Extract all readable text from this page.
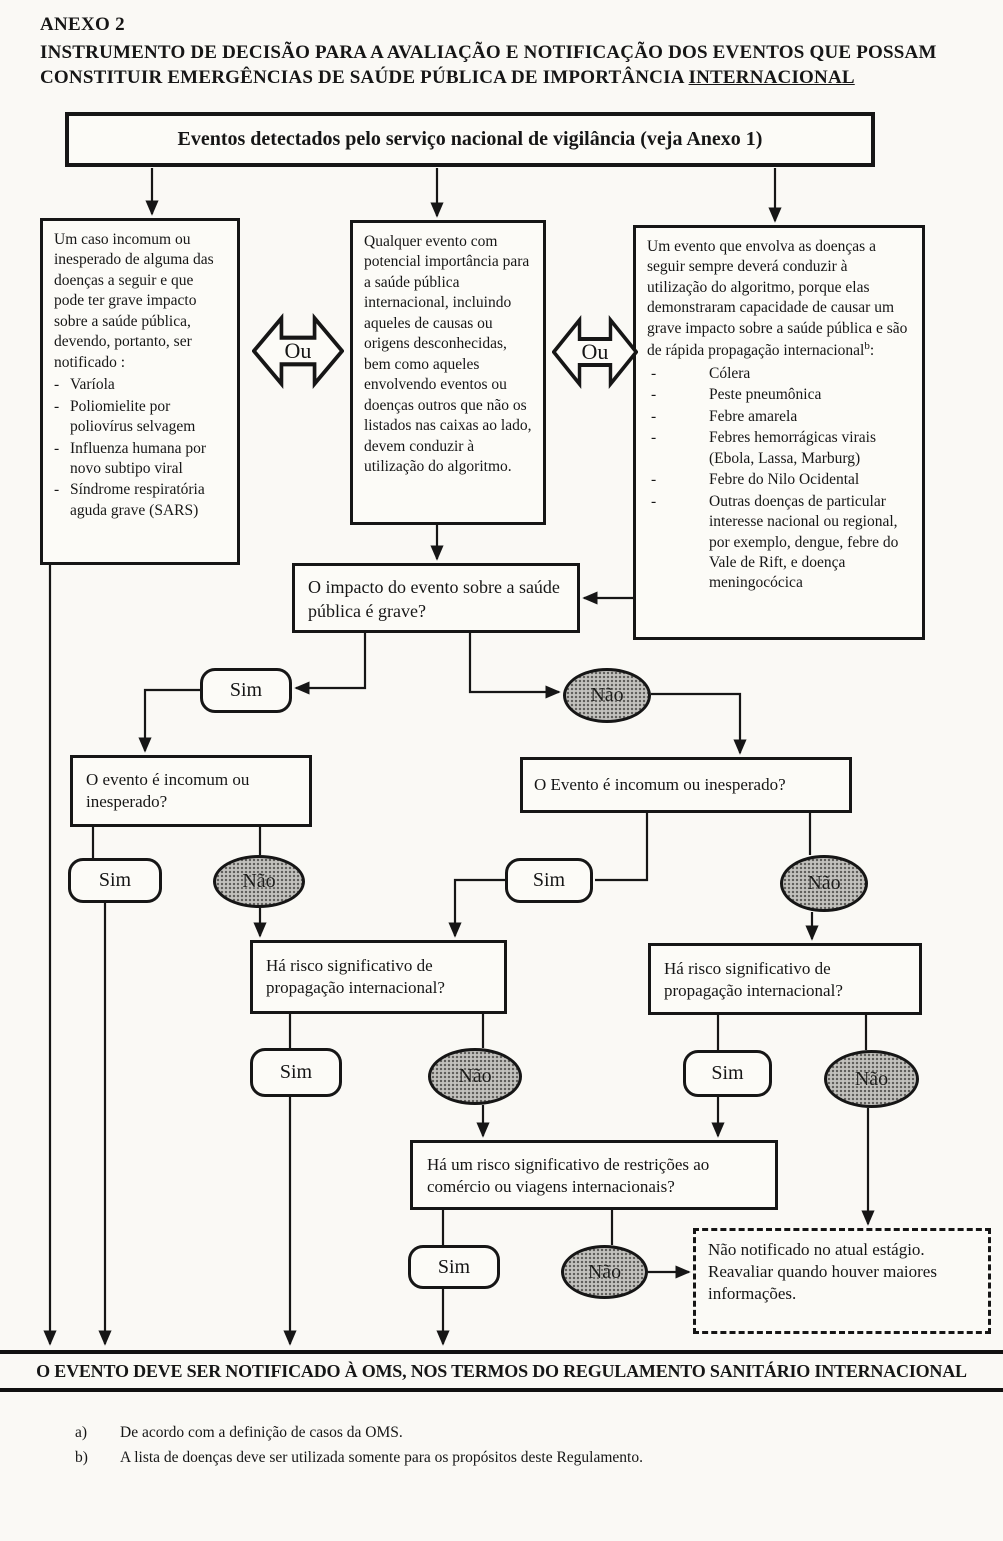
ANEXO 2
INSTRUMENTO DE DECISÃO PARA A AVALIAÇÃO E NOTIFICAÇÃO DOS EVENTOS QUE POSSAM CONSTITUIR EMERGÊNCIAS DE SAÚDE PÚBLICA DE IMPORTÂNCIA INTERNACIONAL
Eventos detectados pelo serviço nacional de vigilância (veja Anexo 1)
Um caso incomum ou inesperado de alguma das doenças a seguir e que pode ter grave impacto sobre a saúde pública, devendo, portanto, ser notificado :
- Varíola
- Poliomielite por poliovírus selvagem
- Influenza humana por novo subtipo viral
- Síndrome respiratória aguda grave (SARS)
Qualquer evento com potencial importância para a saúde pública internacional, incluindo aqueles de causas ou origens desconhecidas, bem como aqueles envolvendo eventos ou doenças outros que não os listados nas caixas ao lado, devem conduzir à utilização do algoritmo.
Um evento que envolva as doenças a seguir sempre deverá conduzir à utilização do algoritmo, porque elas demonstraram capacidade de causar um grave impacto sobre a saúde pública e são de rápida propagação internacional$^b$:
-	Cólera
-	Peste pneumônica
-	Febre amarela
-	Febres hemorrágicas virais (Ebola, Lassa, Marburg)
-	Febre do Nilo Ocidental
-	Outras doenças de particular interesse nacional ou regional, por exemplo, dengue, febre do Vale de Rift, e doença meningocócica
Ou	Ou
O impacto do evento sobre a saúde pública é grave?
Sim	Não
O evento é incomum ou inesperado?
O Evento é incomum ou inesperado?
Sim	Não	Sim	Não
Há risco significativo de propagação internacional?
Há risco significativo de propagação internacional?
Sim	Não	Sim	Não
Há um risco significativo de restrições ao comércio ou viagens internacionais?
Sim	Não
Não notificado no atual estágio. Reavaliar quando houver maiores informações.
O EVENTO DEVE SER NOTIFICADO À OMS, NOS TERMOS DO REGULAMENTO SANITÁRIO INTERNACIONAL
a)	De acordo com a definição de casos da OMS.
b)	A lista de doenças deve ser utilizada somente para os propósitos deste Regulamento.
